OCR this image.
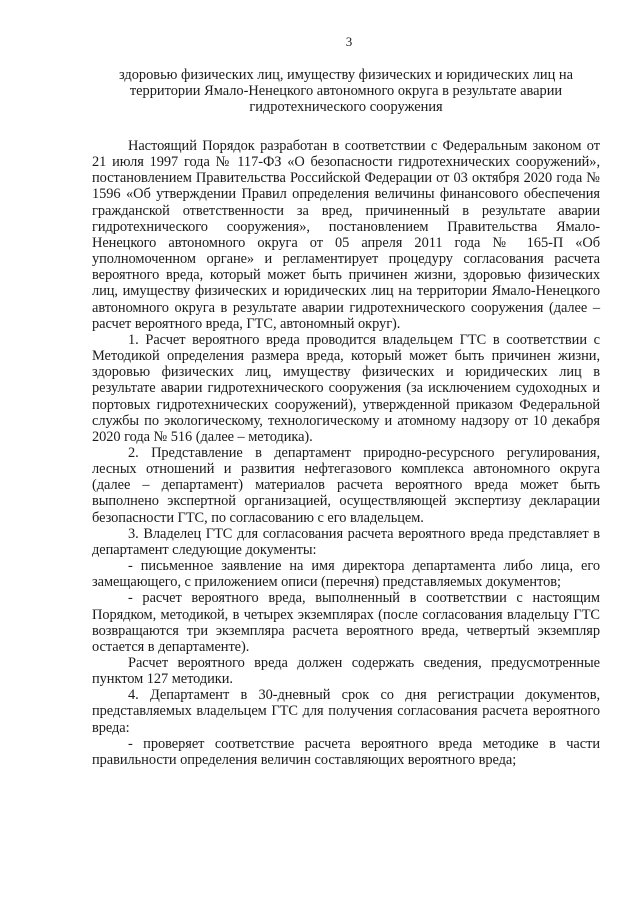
3
здоровью физических лиц, имуществу физических и юридических лиц на
территории Ямало-Ненецкого автономного округа в результате аварии
гидротехнического сооружения

Настоящий Порядок разработан в соответствии с Федеральным законом от 21 июля 1997 года № 117-ФЗ «О безопасности гидротехнических сооружений», постановлением Правительства Российской Федерации от 03 октября 2020 года № 1596 «Об утверждении Правил определения величины финансового обеспечения гражданской ответственности за вред, причиненный в результате аварии гидротехнического сооружения», постановлением Правительства Ямало-Ненецкого автономного округа от 05 апреля 2011 года № 165-П «Об уполномоченном органе» и регламентирует процедуру согласования расчета вероятного вреда, который может быть причинен жизни, здоровью физических лиц, имуществу физических и юридических лиц на территории Ямало-Ненецкого автономного округа в результате аварии гидротехнического сооружения (далее – расчет вероятного вреда, ГТС, автономный округ).

1. Расчет вероятного вреда проводится владельцем ГТС в соответствии с Методикой определения размера вреда, который может быть причинен жизни, здоровью физических лиц, имуществу физических и юридических лиц в результате аварии гидротехнического сооружения (за исключением судоходных и портовых гидротехнических сооружений), утвержденной приказом Федеральной службы по экологическому, технологическому и атомному надзору от 10 декабря 2020 года № 516 (далее – методика).

2. Представление в департамент природно-ресурсного регулирования, лесных отношений и развития нефтегазового комплекса автономного округа (далее – департамент) материалов расчета вероятного вреда может быть выполнено экспертной организацией, осуществляющей экспертизу декларации безопасности ГТС, по согласованию с его владельцем.

3. Владелец ГТС для согласования расчета вероятного вреда представляет в департамент следующие документы:

- письменное заявление на имя директора департамента либо лица, его замещающего, с приложением описи (перечня) представляемых документов;

- расчет вероятного вреда, выполненный в соответствии с настоящим Порядком, методикой, в четырех экземплярах (после согласования владельцу ГТС возвращаются три экземпляра расчета вероятного вреда, четвертый экземпляр остается в департаменте).

Расчет вероятного вреда должен содержать сведения, предусмотренные пунктом 127 методики.

4. Департамент в 30-дневный срок со дня регистрации документов, представляемых владельцем ГТС для получения согласования расчета вероятного вреда:

- проверяет соответствие расчета вероятного вреда методике в части правильности определения величин составляющих вероятного вреда;
